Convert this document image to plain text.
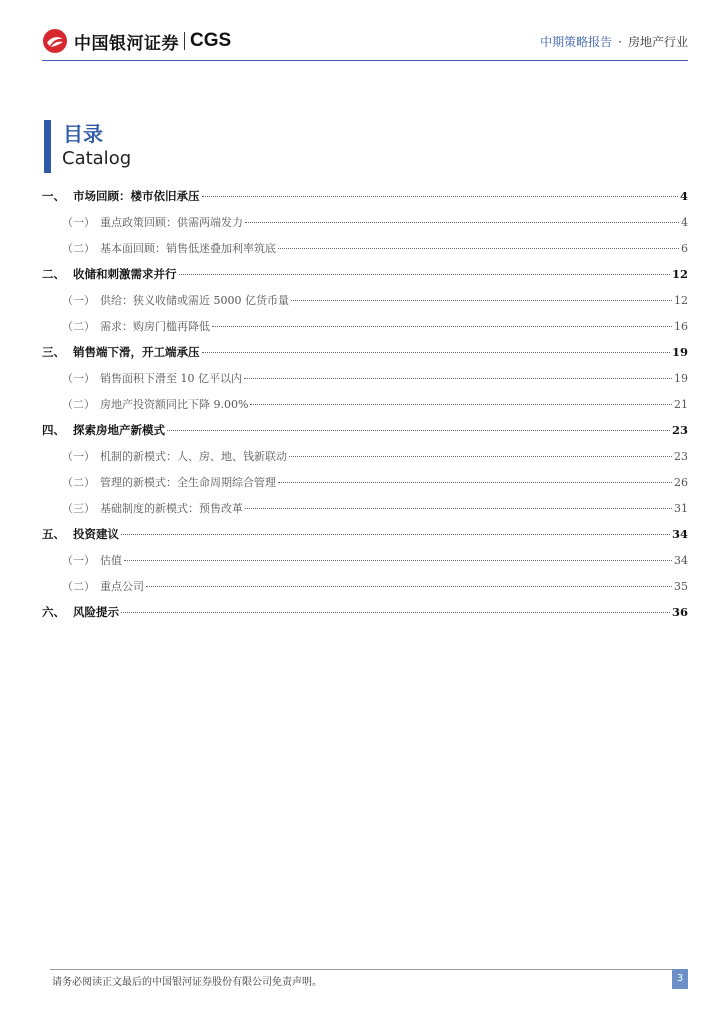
中国银河证券 CGS	中期策略报告 · 房地产行业
目录
Catalog
一、 市场回顾：楼市依旧承压	4
（一） 重点政策回顾：供需两端发力	4
（二） 基本面回顾：销售低迷叠加利率筑底	6
二、 收储和刺激需求并行	12
（一） 供给：狭义收储或需近 5000 亿货币量	12
（二） 需求：购房门槛再降低	16
三、 销售端下滑，开工端承压	19
（一） 销售面积下滑至 10 亿平以内	19
（二） 房地产投资额同比下降 9.00%	21
四、 探索房地产新模式	23
（一） 机制的新模式：人、房、地、钱新联动	23
（二） 管理的新模式：全生命周期综合管理	26
（三） 基础制度的新模式：预售改革	31
五、 投资建议	34
（一） 估值	34
（二） 重点公司	35
六、 风险提示	36
请务必阅读正文最后的中国银河证券股份有限公司免责声明。	3
